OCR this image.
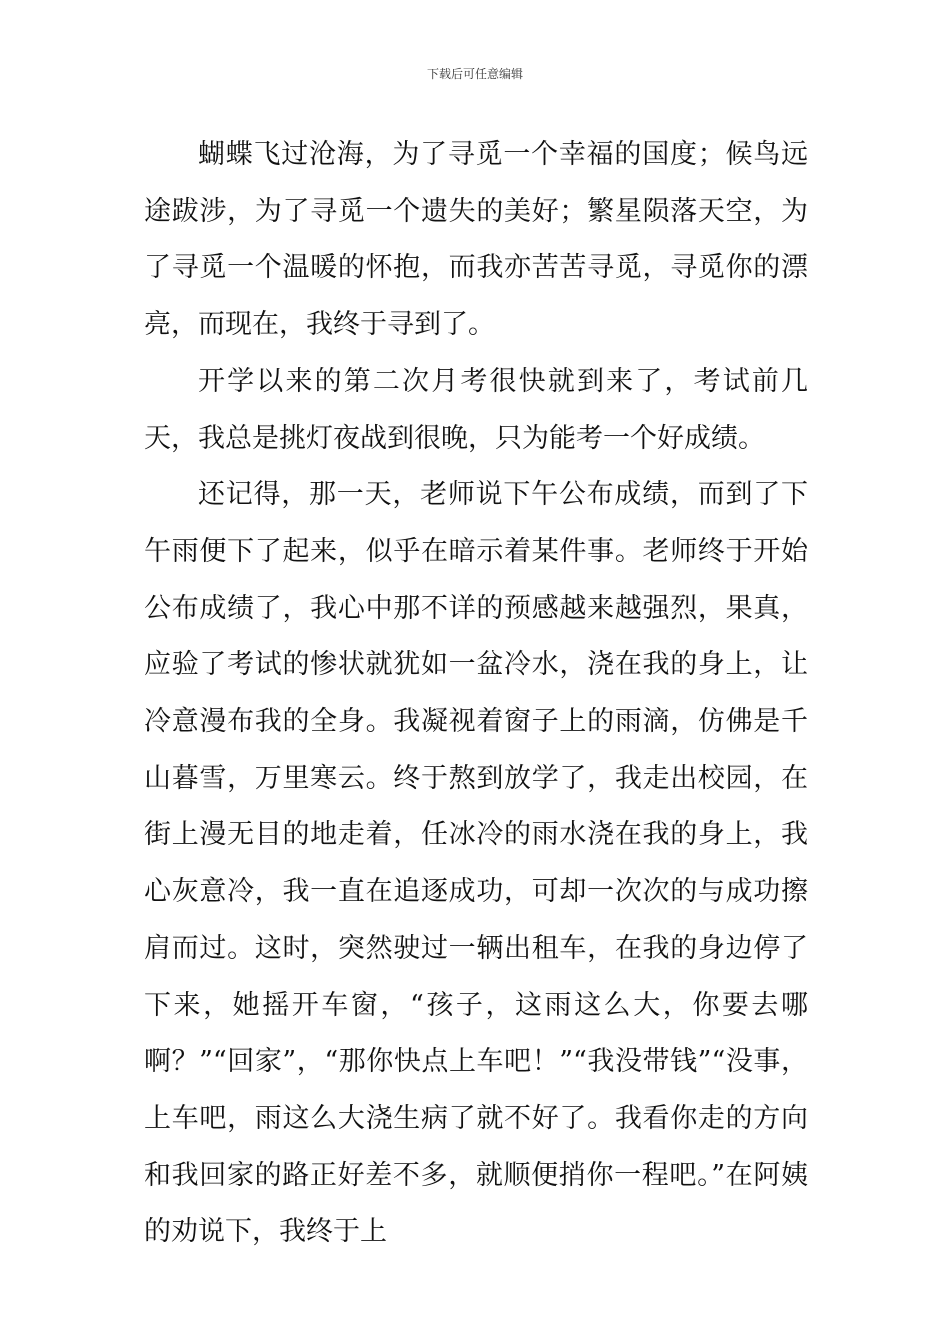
下载后可任意编辑

蝴蝶飞过沧海，为了寻觅一个幸福的国度；候鸟远途跋涉，为了寻觅一个遗失的美好；繁星陨落天空，为了寻觅一个温暖的怀抱，而我亦苦苦寻觅，寻觅你的漂亮，而现在，我终于寻到了。

开学以来的第二次月考很快就到来了，考试前几天，我总是挑灯夜战到很晚，只为能考一个好成绩。

还记得，那一天，老师说下午公布成绩，而到了下午雨便下了起来，似乎在暗示着某件事。老师终于开始公布成绩了，我心中那不详的预感越来越强烈，果真，应验了考试的惨状就犹如一盆冷水，浇在我的身上，让冷意漫布我的全身。我凝视着窗子上的雨滴，仿佛是千山暮雪，万里寒云。终于熬到放学了，我走出校园，在街上漫无目的地走着，任冰冷的雨水浇在我的身上，我心灰意冷，我一直在追逐成功，可却一次次的与成功擦肩而过。这时，突然驶过一辆出租车，在我的身边停了下来，她摇开车窗，“孩子，这雨这么大，你要去哪啊？”“回家”，“那你快点上车吧！”“我没带钱”“没事，上车吧，雨这么大浇生病了就不好了。我看你走的方向和我回家的路正好差不多，就顺便捎你一程吧。”在阿姨的劝说下，我终于上
